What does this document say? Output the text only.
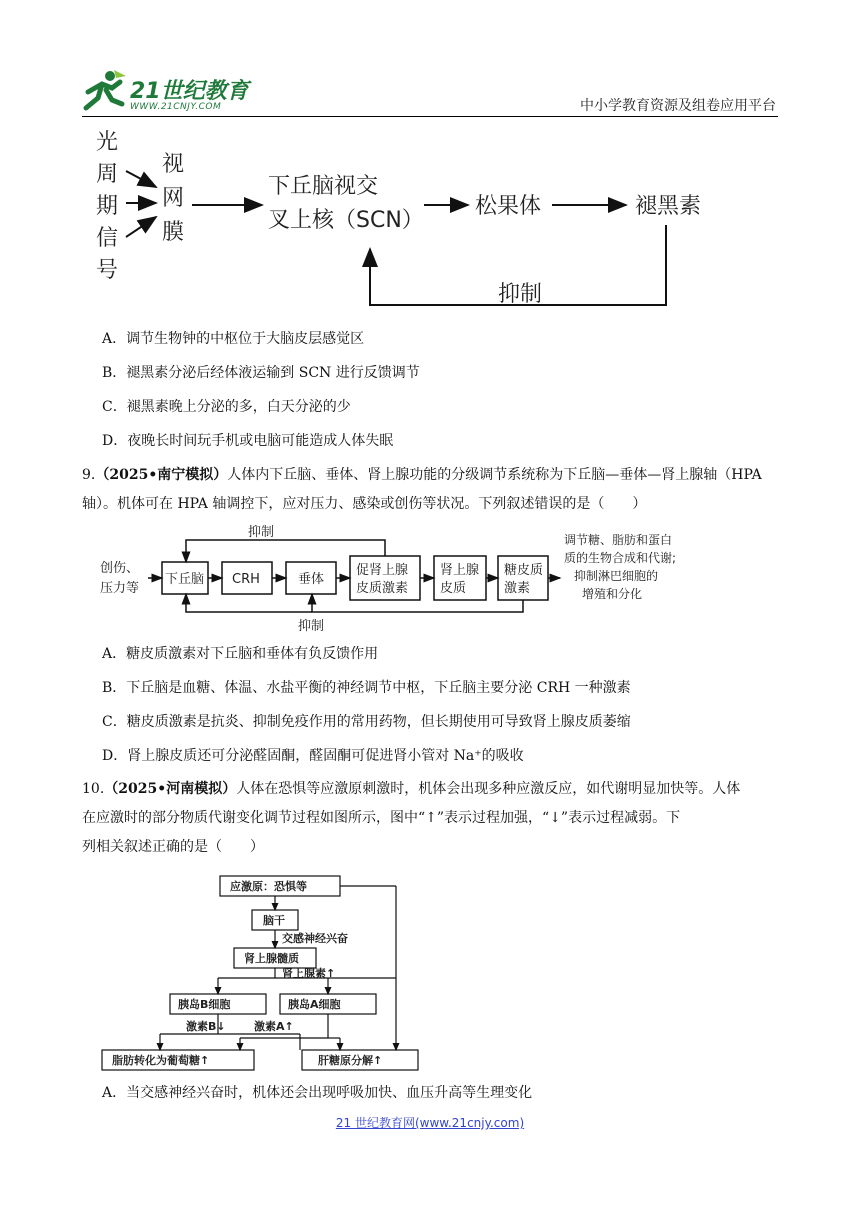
21世纪教育
WWW.21CNJY.COM	中小学教育资源及组卷应用平台
光
周
期
信
号
视
网
膜
下丘脑视交
叉上核（SCN）
松果体	褪黑素
抑制
A．调节生物钟的中枢位于大脑皮层感觉区
B．褪黑素分泌后经体液运输到 SCN 进行反馈调节
C．褪黑素晚上分泌的多，白天分泌的少
D．夜晚长时间玩手机或电脑可能造成人体失眠
9.（2025•南宁模拟）人体内下丘脑、垂体、肾上腺功能的分级调节系统称为下丘脑—垂体—肾上腺轴（HPA
轴）。机体可在 HPA 轴调控下，应对压力、感染或创伤等状况。下列叙述错误的是（　　）
抑制
抑制
创伤、
压力等
下丘脑 CRH	垂体
促肾上腺
皮质激素
肾上腺
皮质
糖皮质
激素
调节糖、脂肪和蛋白
质的生物合成和代谢;
抑制淋巴细胞的
增殖和分化
A．糖皮质激素对下丘脑和垂体有负反馈作用
B．下丘脑是血糖、体温、水盐平衡的神经调节中枢，下丘脑主要分泌 CRH 一种激素
C．糖皮质激素是抗炎、抑制免疫作用的常用药物，但长期使用可导致肾上腺皮质萎缩
D．肾上腺皮质还可分泌醛固酮，醛固酮可促进肾小管对 Na⁺的吸收
10.（2025•河南模拟）人体在恐惧等应激原刺激时，机体会出现多种应激反应，如代谢明显加快等。人体
在应激时的部分物质代谢变化调节过程如图所示，图中“↑”表示过程加强，“↓”表示过程减弱。下
列相关叙述正确的是（　　）
应激原：恐惧等
脑干
交感神经兴奋
肾上腺髓质
肾上腺素↑
胰岛B细胞	胰岛A细胞
激素B↓	激素A↑
脂肪转化为葡萄糖↑	肝糖原分解↑
A．当交感神经兴奋时，机体还会出现呼吸加快、血压升高等生理变化
21 世纪教育网(www.21cnjy.com)
